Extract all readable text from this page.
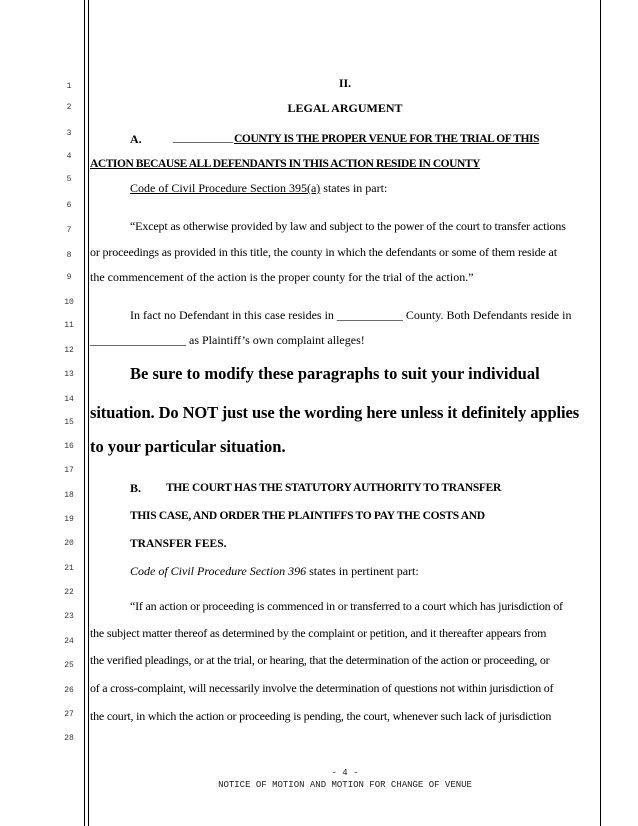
1
2
3
4
5
6
7
8
9
10
11
12
13
14
15
16
17
18
19
20
21
22
23
24
25
26
27
28
II.
LEGAL ARGUMENT
A.	__________ COUNTY IS THE PROPER VENUE FOR THE TRIAL OF THIS
ACTION BECAUSE ALL DEFENDANTS IN THIS ACTION RESIDE IN COUNTY
Code of Civil Procedure Section 395(a) states in part:
“Except as otherwise provided by law and subject to the power of the court to transfer actions
or proceedings as provided in this title, the county in which the defendants or some of them reside at
the commencement of the action is the proper county for the trial of the action.”
In fact no Defendant in this case resides in ___________ County. Both Defendants reside in
________________ as Plaintiff’s own complaint alleges!
Be sure to modify these paragraphs to suit your individual
situation. Do NOT just use the wording here unless it definitely applies
to your particular situation.
B. THE COURT HAS THE STATUTORY AUTHORITY TO TRANSFER
THIS CASE, AND ORDER THE PLAINTIFFS TO PAY THE COSTS AND
TRANSFER FEES.
Code of Civil Procedure Section 396 states in pertinent part:
“If an action or proceeding is commenced in or transferred to a court which has jurisdiction of
the subject matter thereof as determined by the complaint or petition, and it thereafter appears from
the verified pleadings, or at the trial, or hearing, that the determination of the action or proceeding, or
of a cross-complaint, will necessarily involve the determination of questions not within jurisdiction of
the court, in which the action or proceeding is pending, the court, whenever such lack of jurisdiction
- 4 -
NOTICE OF MOTION AND MOTION FOR CHANGE OF VENUE
